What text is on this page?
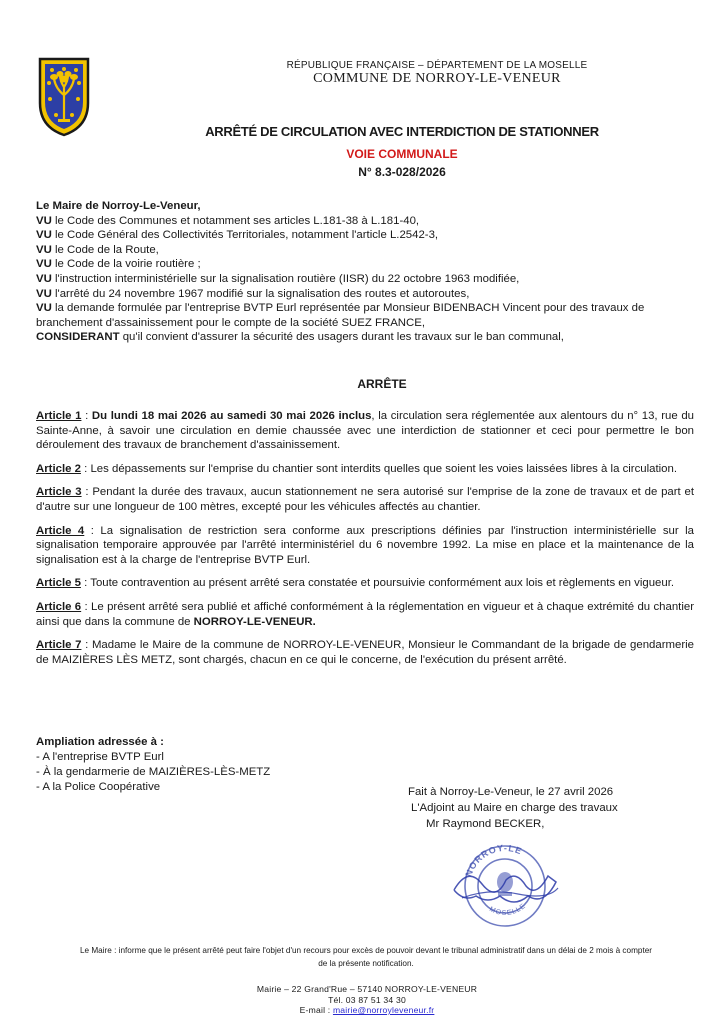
RÉPUBLIQUE FRANÇAISE – DÉPARTEMENT DE LA MOSELLE
COMMUNE DE NORROY-LE-VENEUR
ARRÊTÉ DE CIRCULATION AVEC INTERDICTION DE STATIONNER
VOIE COMMUNALE
N° 8.3-028/2026

Le Maire de Norroy-Le-Veneur,

VU le Code des Communes et notamment ses articles L.181-38 à L.181-40,

VU le Code Général des Collectivités Territoriales, notamment l'article L.2542-3,

VU le Code de la Route,

VU le Code de la voirie routière ;

VU l'instruction interministérielle sur la signalisation routière (IISR) du 22 octobre 1963 modifiée,

VU l'arrêté du 24 novembre 1967 modifié sur la signalisation des routes et autoroutes,

VU la demande formulée par l'entreprise BVTP Eurl représentée par Monsieur BIDENBACH Vincent pour des travaux de branchement d'assainissement pour le compte de la société SUEZ FRANCE,

CONSIDERANT qu'il convient d'assurer la sécurité des usagers durant les travaux sur le ban communal,

ARRÊTE

Article 1 : Du lundi 18 mai 2026 au samedi 30 mai 2026 inclus, la circulation sera réglementée aux alentours du n° 13, rue du Sainte-Anne, à savoir une circulation en demie chaussée avec une interdiction de stationner et ceci pour permettre le bon déroulement des travaux de branchement d'assainissement.

Article 2 : Les dépassements sur l'emprise du chantier sont interdits quelles que soient les voies laissées libres à la circulation.

Article 3 : Pendant la durée des travaux, aucun stationnement ne sera autorisé sur l'emprise de la zone de travaux et de part et d'autre sur une longueur de 100 mètres, excepté pour les véhicules affectés au chantier.

Article 4 : La signalisation de restriction sera conforme aux prescriptions définies par l'instruction interministérielle sur la signalisation temporaire approuvée par l'arrêté interministériel du 6 novembre 1992. La mise en place et la maintenance de la signalisation est à la charge de l'entreprise BVTP Eurl.

Article 5 : Toute contravention au présent arrêté sera constatée et poursuivie conformément aux lois et règlements en vigueur.

Article 6 : Le présent arrêté sera publié et affiché conformément à la réglementation en vigueur et à chaque extrémité du chantier ainsi que dans la commune de NORROY-LE-VENEUR.

Article 7 : Madame le Maire de la commune de NORROY-LE-VENEUR, Monsieur le Commandant de la brigade de gendarmerie de MAIZIÈRES LÈS METZ, sont chargés, chacun en ce qui le concerne, de l'exécution du présent arrêté.

Ampliation adressée à :

- A l'entreprise BVTP Eurl

- À la gendarmerie de MAIZIÈRES-LÈS-METZ

- A la Police Coopérative	Fait à Norroy-Le-Veneur, le 27 avril 2026

L'Adjoint au Maire en charge des travaux

Mr Raymond BECKER,

NORROY-LE
MOSELLE

Le Maire : informe que le présent arrêté peut faire l'objet d'un recours pour excès de pouvoir devant le tribunal administratif dans un délai de 2 mois à compter

de la présente notification.

Mairie – 22 Grand'Rue – 57140 NORROY-LE-VENEUR

Tél. 03 87 51 34 30

E-mail : mairie@norroyleveneur.fr
